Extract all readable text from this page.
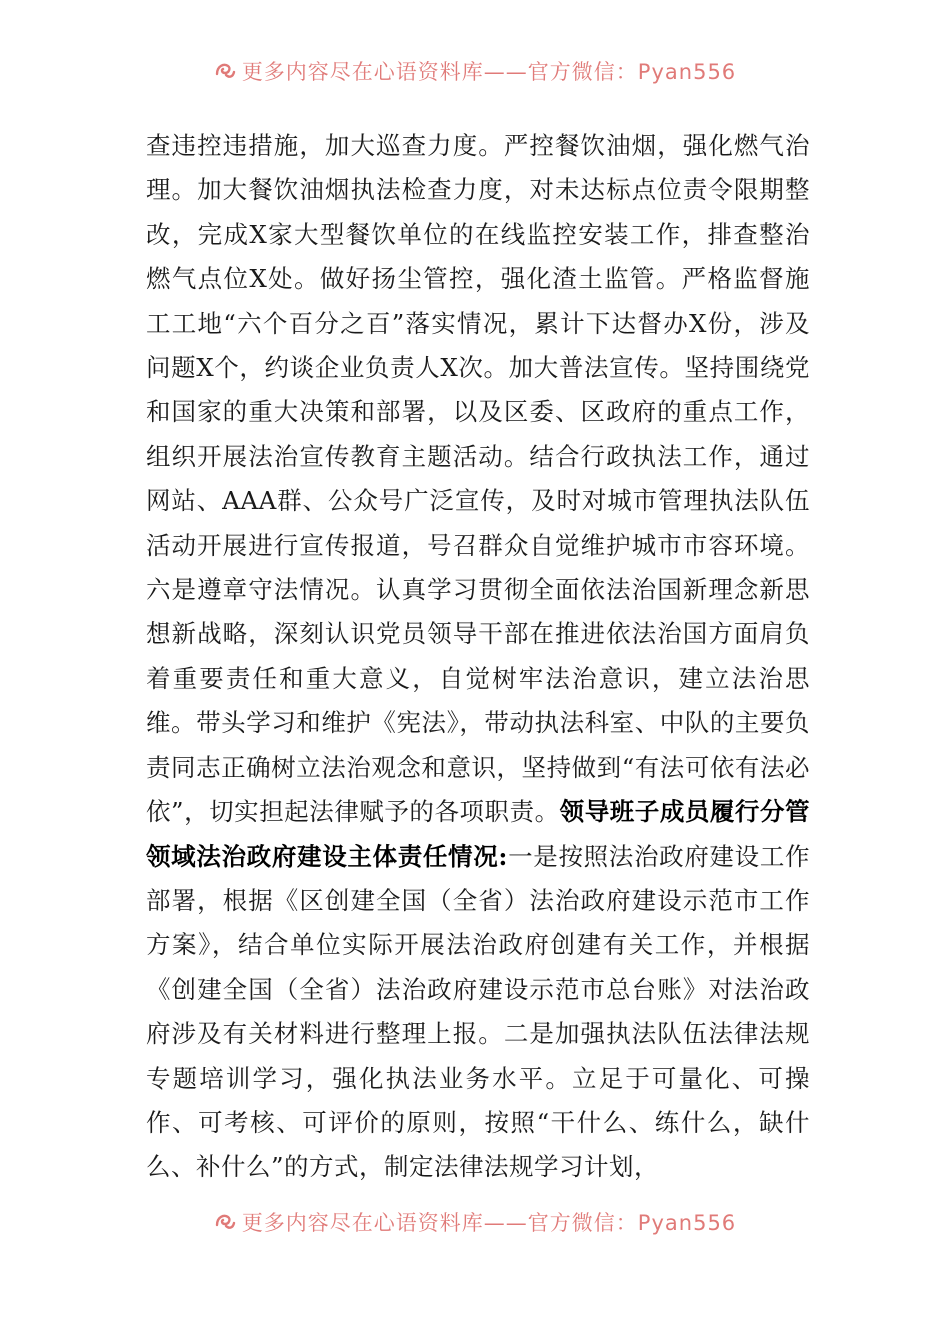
更多内容尽在心语资料库——官方微信：Pyan556

查违控违措施，加大巡查力度。严控餐饮油烟，强化燃气治理。加大餐饮油烟执法检查力度，对未达标点位责令限期整改，完成X家大型餐饮单位的在线监控安装工作，排查整治燃气点位X处。做好扬尘管控，强化渣土监管。严格监督施工工地“六个百分之百”落实情况，累计下达督办X份，涉及问题X个，约谈企业负责人X次。加大普法宣传。坚持围绕党和国家的重大决策和部署，以及区委、区政府的重点工作，组织开展法治宣传教育主题活动。结合行政执法工作，通过网站、AAA群、公众号广泛宣传，及时对城市管理执法队伍活动开展进行宣传报道，号召群众自觉维护城市市容环境。六是遵章守法情况。认真学习贯彻全面依法治国新理念新思想新战略，深刻认识党员领导干部在推进依法治国方面肩负着重要责任和重大意义，自觉树牢法治意识，建立法治思维。带头学习和维护《宪法》，带动执法科室、中队的主要负责同志正确树立法治观念和意识，坚持做到“有法可依有法必依”，切实担起法律赋予的各项职责。领导班子成员履行分管领域法治政府建设主体责任情况:一是按照法治政府建设工作部署，根据《区创建全国（全省）法治政府建设示范市工作方案》，结合单位实际开展法治政府创建有关工作，并根据《创建全国（全省）法治政府建设示范市总台账》对法治政府涉及有关材料进行整理上报。二是加强执法队伍法律法规专题培训学习，强化执法业务水平。立足于可量化、可操作、可考核、可评价的原则，按照“干什么、练什么，缺什么、补什么”的方式，制定法律法规学习计划，

更多内容尽在心语资料库——官方微信：Pyan556
